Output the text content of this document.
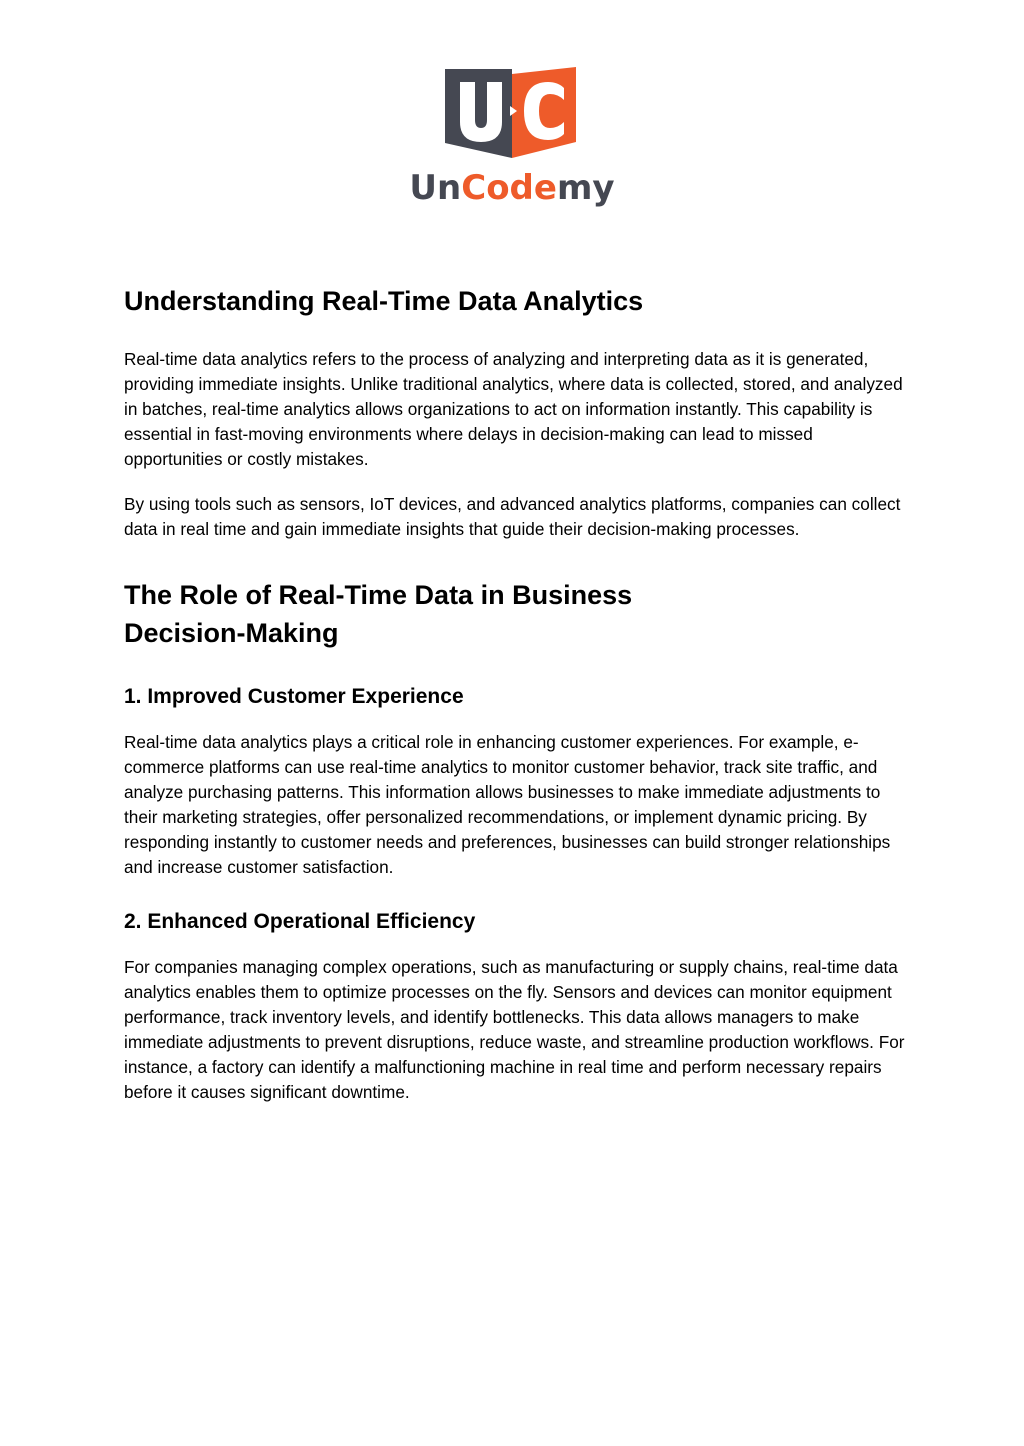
UnCodemy
Understanding Real-Time Data Analytics

Real-time data analytics refers to the process of analyzing and interpreting data as it is generated, providing immediate insights. Unlike traditional analytics, where data is collected, stored, and analyzed in batches, real-time analytics allows organizations to act on information instantly. This capability is essential in fast-moving environments where delays in decision-making can lead to missed opportunities or costly mistakes.

By using tools such as sensors, IoT devices, and advanced analytics platforms, companies can collect data in real time and gain immediate insights that guide their decision-making processes.

The Role of Real-Time Data in Business
Decision-Making
1. Improved Customer Experience

Real-time data analytics plays a critical role in enhancing customer experiences. For example, e-commerce platforms can use real-time analytics to monitor customer behavior, track site traffic, and analyze purchasing patterns. This information allows businesses to make immediate adjustments to their marketing strategies, offer personalized recommendations, or implement dynamic pricing. By responding instantly to customer needs and preferences, businesses can build stronger relationships and increase customer satisfaction.

2. Enhanced Operational Efficiency

For companies managing complex operations, such as manufacturing or supply chains, real-time data analytics enables them to optimize processes on the fly. Sensors and devices can monitor equipment performance, track inventory levels, and identify bottlenecks. This data allows managers to make immediate adjustments to prevent disruptions, reduce waste, and streamline production workflows. For instance, a factory can identify a malfunctioning machine in real time and perform necessary repairs before it causes significant downtime.
